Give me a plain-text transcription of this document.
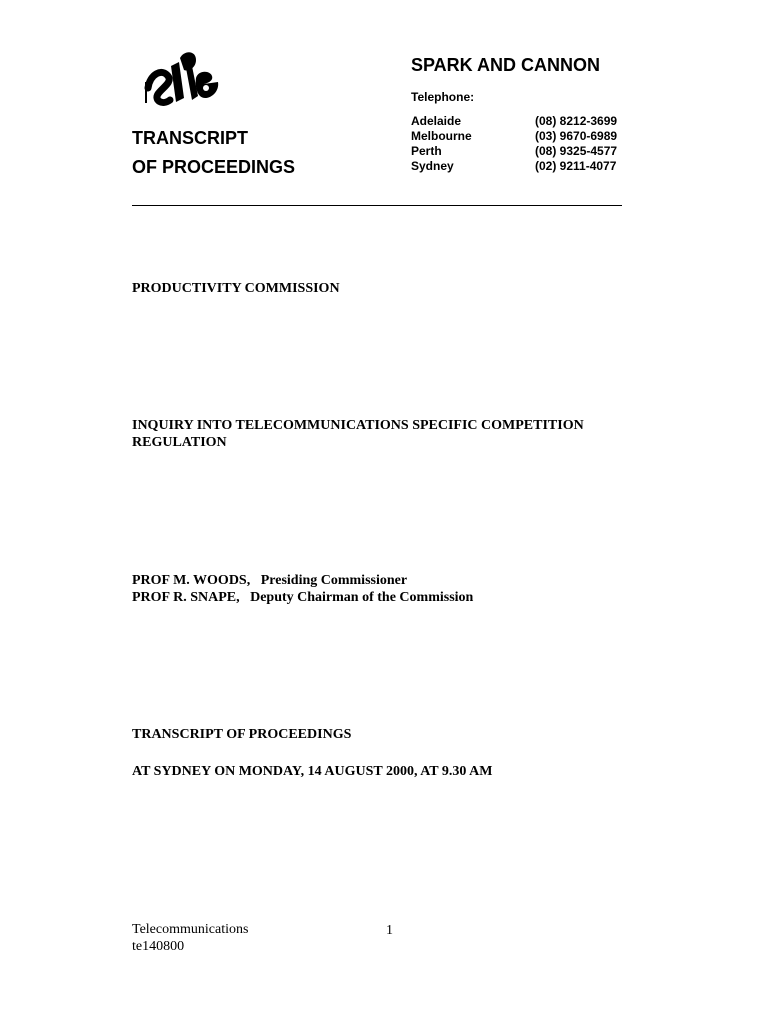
SPARK AND CANNON
Telephone:
Adelaide	(08) 8212-3699
Melbourne	(03) 9670-6989
Perth	(08) 9325-4577
Sydney	(02) 9211-4077
TRANSCRIPT
OF PROCEEDINGS
PRODUCTIVITY COMMISSION
INQUIRY INTO TELECOMMUNICATIONS SPECIFIC COMPETITION
REGULATION
PROF M. WOODS,   Presiding Commissioner
PROF R. SNAPE,   Deputy Chairman of the Commission
TRANSCRIPT OF PROCEEDINGS
AT SYDNEY ON MONDAY, 14 AUGUST 2000, AT 9.30 AM
Telecommunications
te140800
1
